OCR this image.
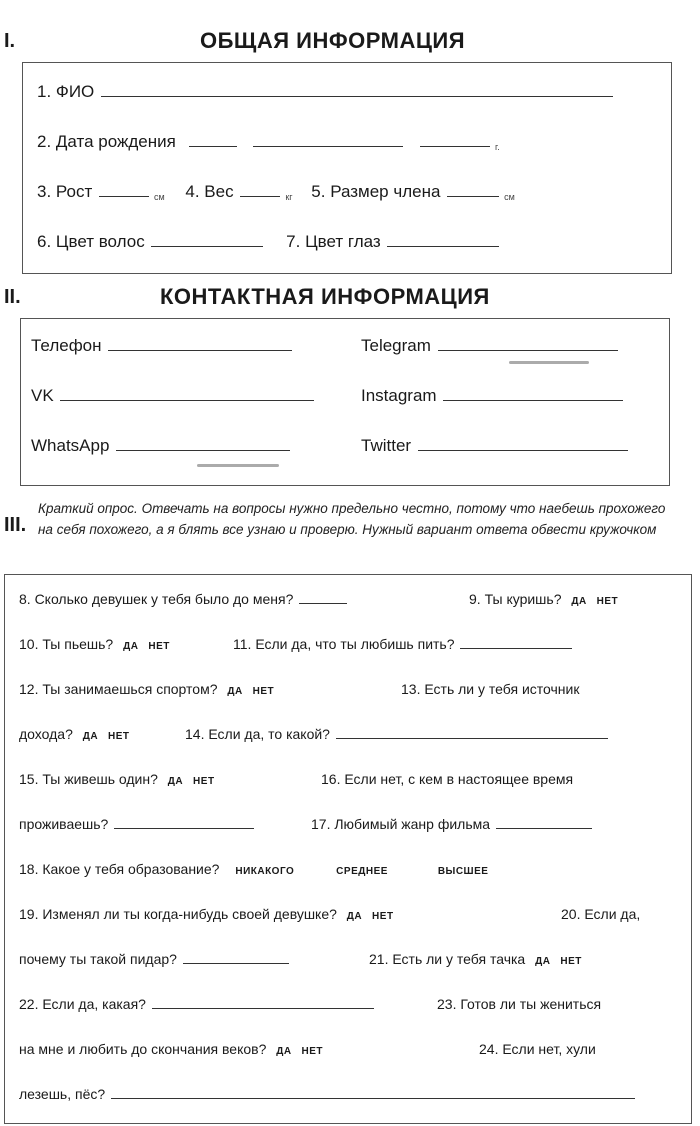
I.	ОБЩАЯ ИНФОРМАЦИЯ
1. ФИО
2. Дата рождения	г.
3. Рост	см 4. Вес	кг 5. Размер члена	см
6. Цвет волос	7. Цвет глаз
II.	КОНТАКТНАЯ ИНФОРМАЦИЯ
Телефон	Telegram
VK	Instagram
WhatsApp	Twitter
III.
Краткий опрос. Отвечать на вопросы нужно предельно честно, потому что наебешь прохожего на себя похожего, а я блять все узнаю и проверю. Нужный вариант ответа обвести кружочком
8. Сколько девушек у тебя было до меня?	9. Ты куришь? ДА НЕТ
10. Ты пьешь? ДА НЕТ	11. Если да, что ты любишь пить?
12. Ты занимаешься спортом? ДА НЕТ	13. Есть ли у тебя источник
дохода? ДА НЕТ	14. Если да, то какой?
15. Ты живешь один? ДА НЕТ	16. Если нет, с кем в настоящее время
проживаешь?	17. Любимый жанр фильма
18. Какое у тебя образование? НИКАКОГО	СРЕДНЕЕ	ВЫСШЕЕ
19. Изменял ли ты когда-нибудь своей девушке? ДА НЕТ	20. Если да,
почему ты такой пидар?	21. Есть ли у тебя тачка ДА НЕТ
22. Если да, какая?	23. Готов ли ты жениться
на мне и любить до скончания веков? ДА НЕТ	24. Если нет, хули
лезешь, пёс?
